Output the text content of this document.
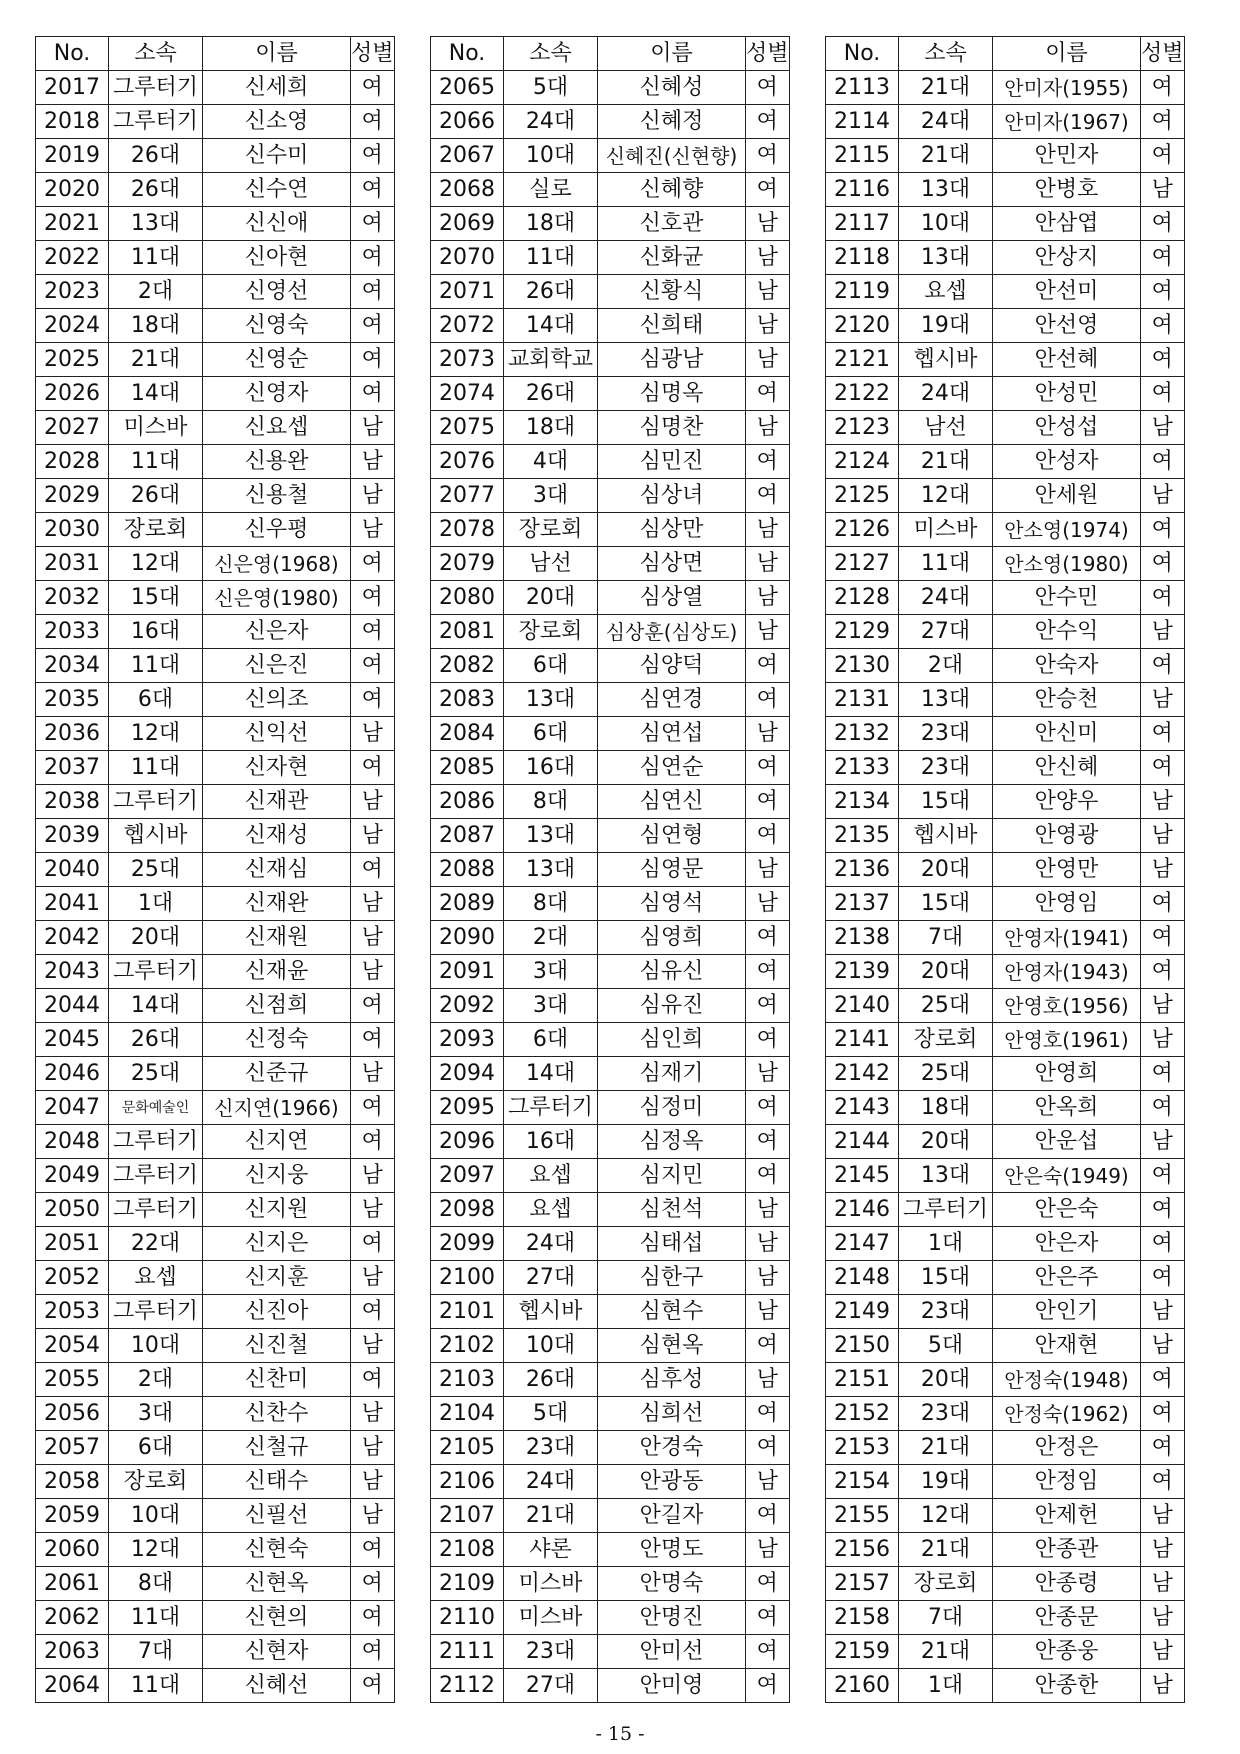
No.	소속	이름	성별
2017	그루터기	신세희	여
2018	그루터기	신소영	여
2019	26대	신수미	여
2020	26대	신수연	여
2021	13대	신신애	여
2022	11대	신아현	여
2023	2대	신영선	여
2024	18대	신영숙	여
2025	21대	신영순	여
2026	14대	신영자	여
2027	미스바	신요셉	남
2028	11대	신용완	남
2029	26대	신용철	남
2030	장로회	신우평	남
2031	12대	신은영(1968)	여
2032	15대	신은영(1980)	여
2033	16대	신은자	여
2034	11대	신은진	여
2035	6대	신의조	여
2036	12대	신익선	남
2037	11대	신자현	여
2038	그루터기	신재관	남
2039	헵시바	신재성	남
2040	25대	신재심	여
2041	1대	신재완	남
2042	20대	신재원	남
2043	그루터기	신재윤	남
2044	14대	신점희	여
2045	26대	신정숙	여
2046	25대	신준규	남
2047	문화예술인	신지연(1966)	여
2048	그루터기	신지연	여
2049	그루터기	신지웅	남
2050	그루터기	신지원	남
2051	22대	신지은	여
2052	요셉	신지훈	남
2053	그루터기	신진아	여
2054	10대	신진철	남
2055	2대	신찬미	여
2056	3대	신찬수	남
2057	6대	신철규	남
2058	장로회	신태수	남
2059	10대	신필선	남
2060	12대	신현숙	여
2061	8대	신현옥	여
2062	11대	신현의	여
2063	7대	신현자	여
2064	11대	신혜선	여
No.	소속	이름	성별
2065	5대	신혜성	여
2066	24대	신혜정	여
2067	10대	신혜진(신현향)	여
2068	실로	신혜향	여
2069	18대	신호관	남
2070	11대	신화균	남
2071	26대	신황식	남
2072	14대	신희태	남
2073	교회학교	심광남	남
2074	26대	심명옥	여
2075	18대	심명찬	남
2076	4대	심민진	여
2077	3대	심상녀	여
2078	장로회	심상만	남
2079	남선	심상면	남
2080	20대	심상열	남
2081	장로회	심상훈(심상도)	남
2082	6대	심양덕	여
2083	13대	심연경	여
2084	6대	심연섭	남
2085	16대	심연순	여
2086	8대	심연신	여
2087	13대	심연형	여
2088	13대	심영문	남
2089	8대	심영석	남
2090	2대	심영희	여
2091	3대	심유신	여
2092	3대	심유진	여
2093	6대	심인희	여
2094	14대	심재기	남
2095	그루터기	심정미	여
2096	16대	심정옥	여
2097	요셉	심지민	여
2098	요셉	심천석	남
2099	24대	심태섭	남
2100	27대	심한구	남
2101	헵시바	심현수	남
2102	10대	심현옥	여
2103	26대	심후성	남
2104	5대	심희선	여
2105	23대	안경숙	여
2106	24대	안광동	남
2107	21대	안길자	여
2108	샤론	안명도	남
2109	미스바	안명숙	여
2110	미스바	안명진	여
2111	23대	안미선	여
2112	27대	안미영	여
No.	소속	이름	성별
2113	21대	안미자(1955)	여
2114	24대	안미자(1967)	여
2115	21대	안민자	여
2116	13대	안병호	남
2117	10대	안삼엽	여
2118	13대	안상지	여
2119	요셉	안선미	여
2120	19대	안선영	여
2121	헵시바	안선혜	여
2122	24대	안성민	여
2123	남선	안성섭	남
2124	21대	안성자	여
2125	12대	안세원	남
2126	미스바	안소영(1974)	여
2127	11대	안소영(1980)	여
2128	24대	안수민	여
2129	27대	안수익	남
2130	2대	안숙자	여
2131	13대	안승천	남
2132	23대	안신미	여
2133	23대	안신혜	여
2134	15대	안양우	남
2135	헵시바	안영광	남
2136	20대	안영만	남
2137	15대	안영임	여
2138	7대	안영자(1941)	여
2139	20대	안영자(1943)	여
2140	25대	안영호(1956)	남
2141	장로회	안영호(1961)	남
2142	25대	안영희	여
2143	18대	안옥희	여
2144	20대	안운섭	남
2145	13대	안은숙(1949)	여
2146	그루터기	안은숙	여
2147	1대	안은자	여
2148	15대	안은주	여
2149	23대	안인기	남
2150	5대	안재현	남
2151	20대	안정숙(1948)	여
2152	23대	안정숙(1962)	여
2153	21대	안정은	여
2154	19대	안정임	여
2155	12대	안제헌	남
2156	21대	안종관	남
2157	장로회	안종령	남
2158	7대	안종문	남
2159	21대	안종웅	남
2160	1대	안종한	남
- 15 -
